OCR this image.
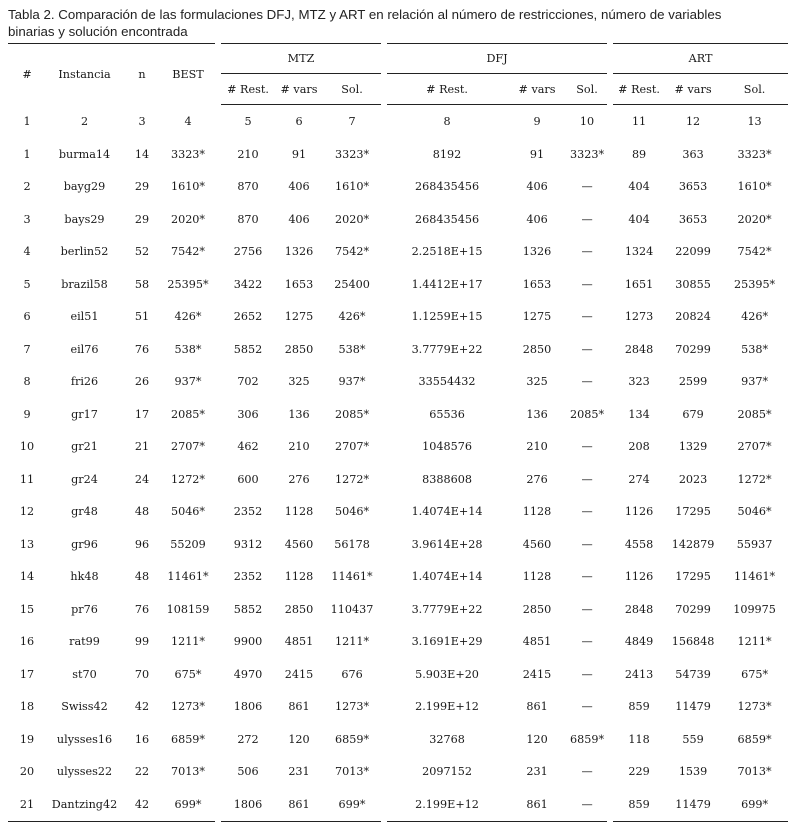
Tabla 2. Comparación de las formulaciones DFJ, MTZ y ART en relación al número de restricciones, número de variables binarias y solución encontrada
#	Instancia	n	BEST		MTZ				DFJ				ART		
					# Rest.	# vars	Sol.		# Rest.	# vars	Sol.		# Rest.	# vars	Sol.
1	2	3	4		5	6	7		8	9	10		11	12	13
1	burma14	14	3323*		210	91	3323*		8192	91	3323*		89	363	3323*
2	bayg29	29	1610*		870	406	1610*		268435456	406	—		404	3653	1610*
3	bays29	29	2020*		870	406	2020*		268435456	406	—		404	3653	2020*
4	berlin52	52	7542*		2756	1326	7542*		2.2518E+15	1326	—		1324	22099	7542*
5	brazil58	58	25395*		3422	1653	25400		1.4412E+17	1653	—		1651	30855	25395*
6	eil51	51	426*		2652	1275	426*		1.1259E+15	1275	—		1273	20824	426*
7	eil76	76	538*		5852	2850	538*		3.7779E+22	2850	—		2848	70299	538*
8	fri26	26	937*		702	325	937*		33554432	325	—		323	2599	937*
9	gr17	17	2085*		306	136	2085*		65536	136	2085*		134	679	2085*
10	gr21	21	2707*		462	210	2707*		1048576	210	—		208	1329	2707*
11	gr24	24	1272*		600	276	1272*		8388608	276	—		274	2023	1272*
12	gr48	48	5046*		2352	1128	5046*		1.4074E+14	1128	—		1126	17295	5046*
13	gr96	96	55209		9312	4560	56178		3.9614E+28	4560	—		4558	142879	55937
14	hk48	48	11461*		2352	1128	11461*		1.4074E+14	1128	—		1126	17295	11461*
15	pr76	76	108159		5852	2850	110437		3.7779E+22	2850	—		2848	70299	109975
16	rat99	99	1211*		9900	4851	1211*		3.1691E+29	4851	—		4849	156848	1211*
17	st70	70	675*		4970	2415	676		5.903E+20	2415	—		2413	54739	675*
18	Swiss42	42	1273*		1806	861	1273*		2.199E+12	861	—		859	11479	1273*
19	ulysses16	16	6859*		272	120	6859*		32768	120	6859*		118	559	6859*
20	ulysses22	22	7013*		506	231	7013*		2097152	231	—		229	1539	7013*
21	Dantzing42	42	699*		1806	861	699*		2.199E+12	861	—		859	11479	699*
